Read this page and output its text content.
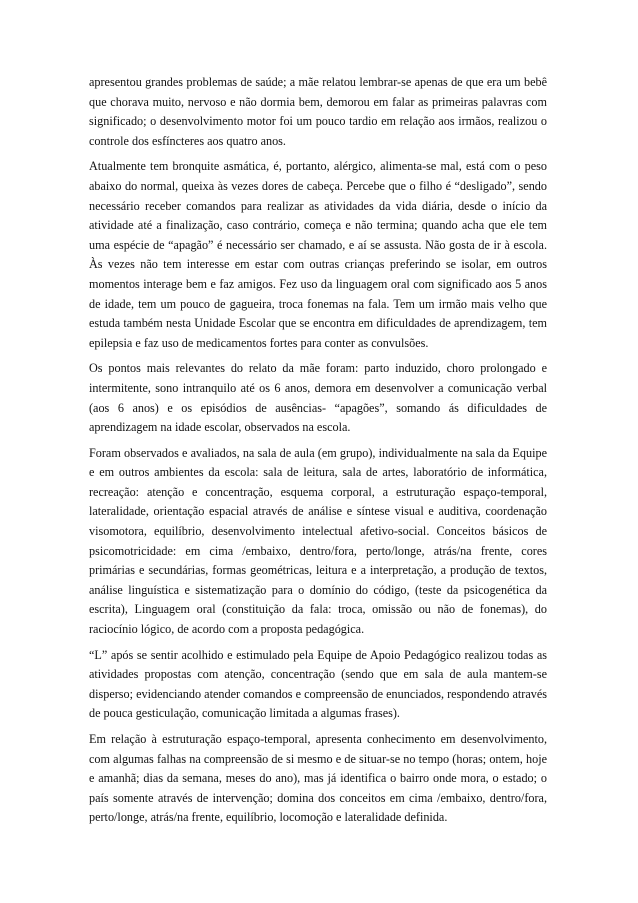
apresentou grandes problemas de saúde; a mãe relatou lembrar-se apenas de que era um bebê que chorava muito, nervoso e não dormia bem, demorou em falar as primeiras palavras com significado; o desenvolvimento motor foi um pouco tardio em relação aos irmãos, realizou o controle dos esfíncteres aos quatro anos.

Atualmente tem bronquite asmática, é, portanto, alérgico, alimenta-se mal, está com o peso abaixo do normal, queixa às vezes dores de cabeça. Percebe que o filho é “desligado”, sendo necessário receber comandos para realizar as atividades da vida diária, desde o início da atividade até a finalização, caso contrário, começa e não termina; quando acha que ele tem uma espécie de “apagão” é necessário ser chamado, e aí se assusta. Não gosta de ir à escola. Às vezes não tem interesse em estar com outras crianças preferindo se isolar, em outros momentos interage bem e faz amigos. Fez uso da linguagem oral com significado aos 5 anos de idade, tem um pouco de gagueira, troca fonemas na fala. Tem um irmão mais velho que estuda também nesta Unidade Escolar que se encontra em dificuldades de aprendizagem, tem epilepsia e faz uso de medicamentos fortes para conter as convulsões.

Os pontos mais relevantes do relato da mãe foram: parto induzido, choro prolongado e intermitente, sono intranquilo até os 6 anos, demora em desenvolver a comunicação verbal (aos 6 anos) e os episódios de ausências- “apagões”, somando ás dificuldades de aprendizagem na idade escolar, observados na escola.

Foram observados e avaliados, na sala de aula (em grupo), individualmente na sala da Equipe e em outros ambientes da escola: sala de leitura, sala de artes, laboratório de informática, recreação: atenção e concentração, esquema corporal, a estruturação espaço-temporal, lateralidade, orientação espacial através de análise e síntese visual e auditiva, coordenação visomotora, equilíbrio, desenvolvimento intelectual afetivo-social. Conceitos básicos de psicomotricidade: em cima /embaixo, dentro/fora, perto/longe, atrás/na frente, cores primárias e secundárias, formas geométricas, leitura e a interpretação, a produção de textos, análise linguística e sistematização para o domínio do código, (teste da psicogenética da escrita), Linguagem oral (constituição da fala: troca, omissão ou não de fonemas), do raciocínio lógico, de acordo com a proposta pedagógica.

“L” após se sentir acolhido e estimulado pela Equipe de Apoio Pedagógico realizou todas as atividades propostas com atenção, concentração (sendo que em sala de aula mantem-se disperso; evidenciando atender comandos e compreensão de enunciados, respondendo através de pouca gesticulação, comunicação limitada a algumas frases).

Em relação à estruturação espaço-temporal, apresenta conhecimento em desenvolvimento, com algumas falhas na compreensão de si mesmo e de situar-se no tempo (horas; ontem, hoje e amanhã; dias da semana, meses do ano), mas já identifica o bairro onde mora, o estado; o país somente através de intervenção; domina dos conceitos em cima /embaixo, dentro/fora, perto/longe, atrás/na frente, equilíbrio, locomoção e lateralidade definida.
